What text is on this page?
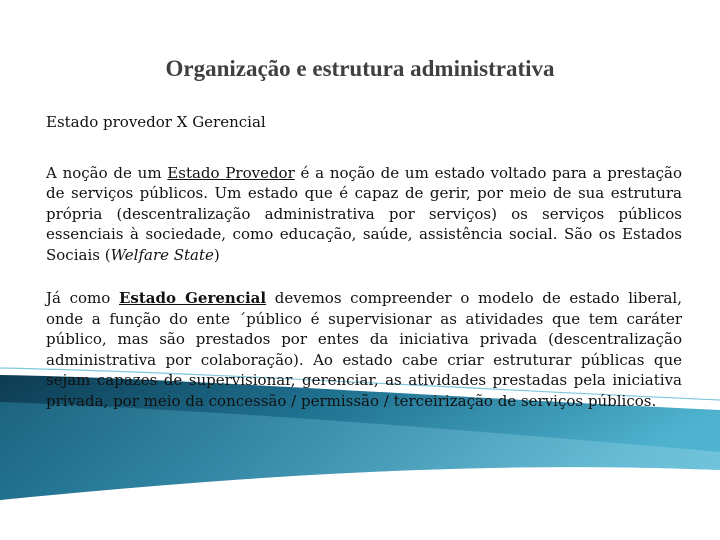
Organização e estrutura administrativa

Estado provedor X Gerencial

A noção de um Estado Provedor é a noção de um estado voltado para a prestação de serviços públicos. Um estado que é capaz de gerir, por meio de sua estrutura própria (descentralização administrativa por serviços) os serviços públicos essenciais à sociedade, como educação, saúde, assistência social. São os Estados Sociais (Welfare State)

Já como Estado Gerencial devemos compreender o modelo de estado liberal, onde a função do ente ´público é supervisionar as atividades que tem caráter público, mas são prestados por entes da iniciativa privada (descentralização administrativa por colaboração). Ao estado cabe criar estruturar públicas que sejam capazes de supervisionar, gerenciar, as atividades prestadas pela iniciativa privada, por meio da concessão / permissão / terceirização de serviços públicos.
